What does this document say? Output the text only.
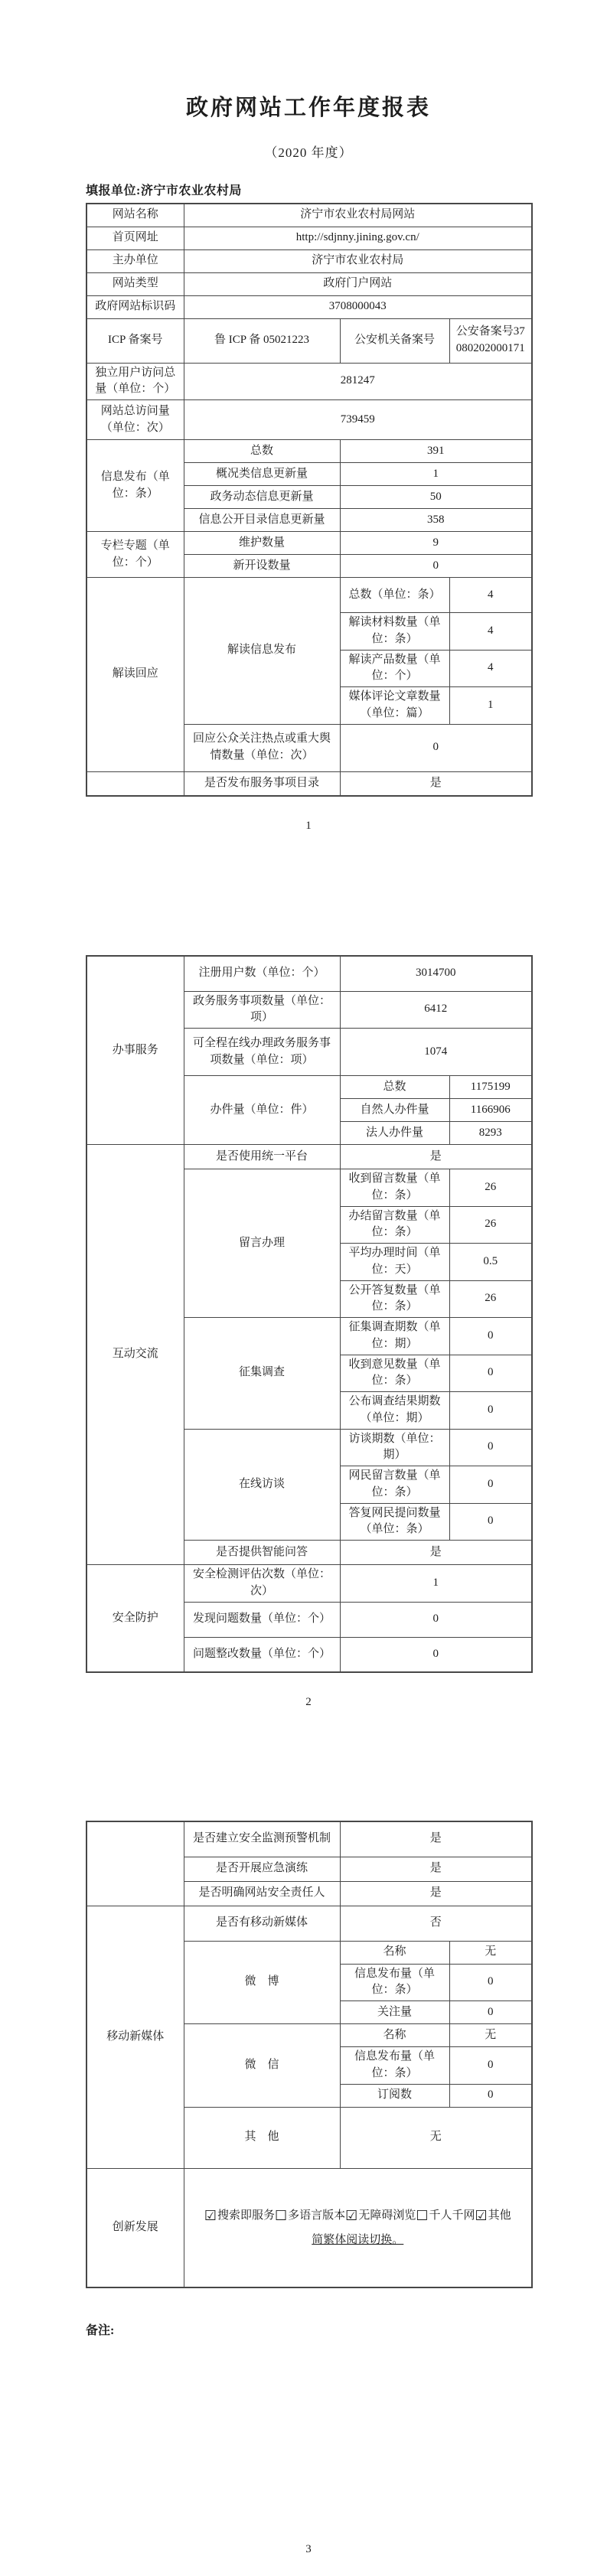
政府网站工作年度报表
（2020 年度）
填报单位:济宁市农业农村局
网站名称	济宁市农业农村局网站		
首页网址	http://sdjnny.jining.gov.cn/		
主办单位	济宁市农业农村局		
网站类型	政府门户网站		
政府网站标识码	3708000043		
ICP 备案号	鲁 ICP 备 05021223	公安机关备案号	公安备案号37080202000171
独立用户访问总量（单位：个）	281247		
网站总访问量（单位：次）	739459		
信息发布（单位：条）	总数	391	
	概况类信息更新量	1	
	政务动态信息更新量	50	
	信息公开目录信息更新量	358	
专栏专题（单位：个）	维护数量	9	
	新开设数量	0	
解读回应	解读信息发布	总数（单位：条）	4
		解读材料数量（单位：条）	4
		解读产品数量（单位：个）	4
		媒体评论文章数量（单位：篇）	1
	回应公众关注热点或重大舆情数量（单位：次）	0	
	是否发布服务事项目录	是	
1
办事服务	注册用户数（单位：个）	3014700	
	政务服务事项数量（单位：项）	6412	
	可全程在线办理政务服务事项数量（单位：项）	1074	
	办件量（单位：件）	总数	1175199
		自然人办件量	1166906
		法人办件量	8293
互动交流	是否使用统一平台	是	
	留言办理	收到留言数量（单位：条）	26
		办结留言数量（单位：条）	26
		平均办理时间（单位：天）	0.5
		公开答复数量（单位：条）	26
	征集调查	征集调查期数（单位：期）	0
		收到意见数量（单位：条）	0
		公布调查结果期数（单位：期）	0
	在线访谈	访谈期数（单位：期）	0
		网民留言数量（单位：条）	0
		答复网民提问数量（单位：条）	0
	是否提供智能问答	是	
安全防护	安全检测评估次数（单位：次）	1	
	发现问题数量（单位：个）	0	
	问题整改数量（单位：个）	0	
2
	是否建立安全监测预警机制	是	
	是否开展应急演练	是	
	是否明确网站安全责任人	是	
移动新媒体	是否有移动新媒体	否	
	微　博	名称	无
		信息发布量（单位：条）	0
		关注量	0
	微　信	名称	无
		信息发布量（单位：条）	0
		订阅数	0
	其　他	无	
创新发展	☑搜索即服务☐多语言版本☑无障碍浏览☐千人千网☑其他
简繁体阅读切换。		
备注:
3
